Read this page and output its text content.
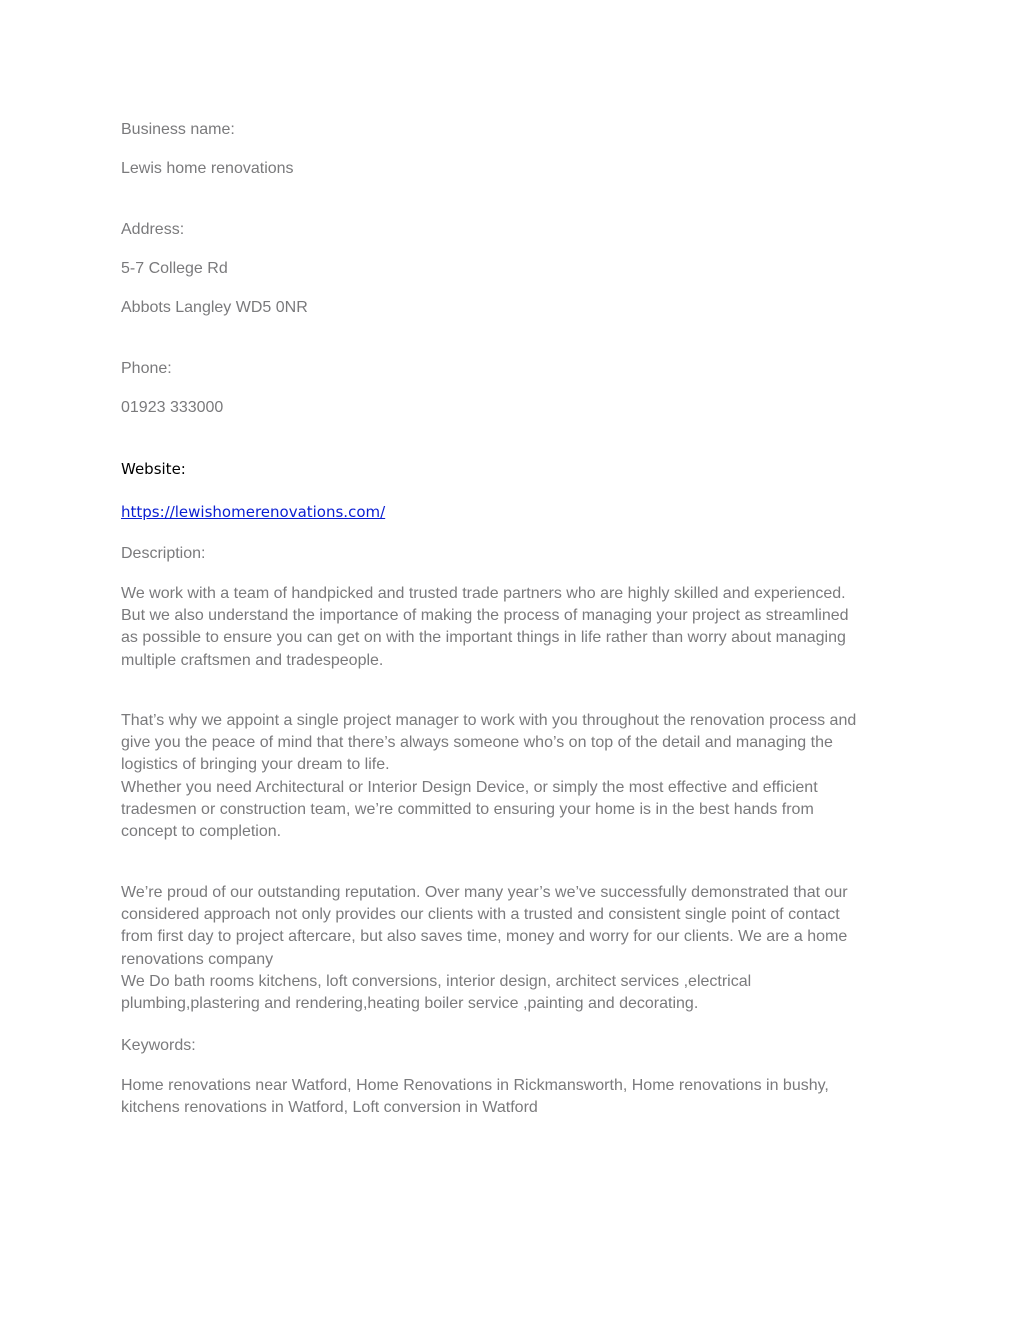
Business name:

Lewis home renovations

Address:

5-7 College Rd

Abbots Langley WD5 0NR

Phone:

01923 333000

Website:

https://lewishomerenovations.com/

Description:

We work with a team of handpicked and trusted trade partners who are highly skilled and experienced.
But we also understand the importance of making the process of managing your project as streamlined
as possible to ensure you can get on with the important things in life rather than worry about managing
multiple craftsmen and tradespeople.
That’s why we appoint a single project manager to work with you throughout the renovation process and
give you the peace of mind that there’s always someone who’s on top of the detail and managing the
logistics of bringing your dream to life.
Whether you need Architectural or Interior Design Device, or simply the most effective and efficient
tradesmen or construction team, we’re committed to ensuring your home is in the best hands from
concept to completion.
We’re proud of our outstanding reputation. Over many year’s we’ve successfully demonstrated that our
considered approach not only provides our clients with a trusted and consistent single point of contact
from first day to project aftercare, but also saves time, money and worry for our clients. We are a home
renovations company
We Do bath rooms kitchens, loft conversions, interior design, architect services ,electrical
plumbing,plastering and rendering,heating boiler service ,painting and decorating.

Keywords:

Home renovations near Watford, Home Renovations in Rickmansworth, Home renovations in bushy,
kitchens renovations in Watford, Loft conversion in Watford
